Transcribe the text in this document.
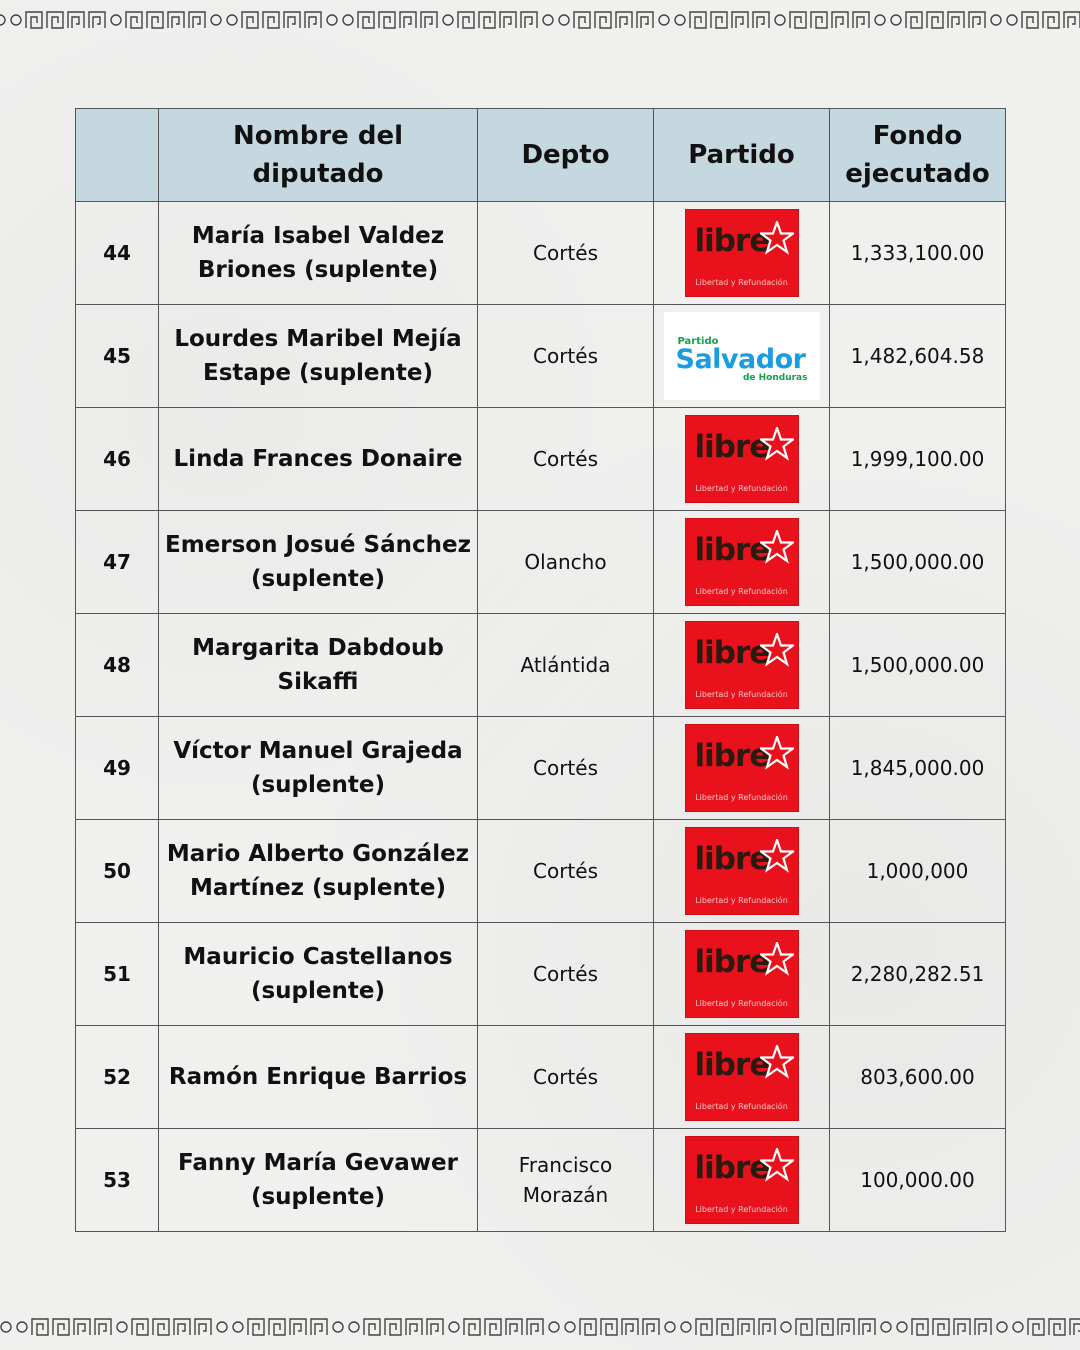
	Nombre del
diputado	Depto	Partido	Fondo
ejecutado
44	María Isabel Valdez
Briones (suplente)	Cortés	libre
Libertad y Refundación	1,333,100.00
45	Lourdes Maribel Mejía
Estape (suplente)	Cortés	Partido
Salvador
de Honduras	1,482,604.58
46	Linda Frances Donaire	Cortés	libre
Libertad y Refundación	1,999,100.00
47	Emerson Josué Sánchez
(suplente)	Olancho	libre
Libertad y Refundación	1,500,000.00
48	Margarita Dabdoub
Sikaffi	Atlántida	libre
Libertad y Refundación	1,500,000.00
49	Víctor Manuel Grajeda
(suplente)	Cortés	libre
Libertad y Refundación	1,845,000.00
50	Mario Alberto González
Martínez (suplente)	Cortés	libre
Libertad y Refundación	1,000,000
51	Mauricio Castellanos
(suplente)	Cortés	libre
Libertad y Refundación	2,280,282.51
52	Ramón Enrique Barrios	Cortés	libre
Libertad y Refundación	803,600.00
53	Fanny María Gevawer
(suplente)	Francisco
Morazán	libre
Libertad y Refundación	100,000.00
